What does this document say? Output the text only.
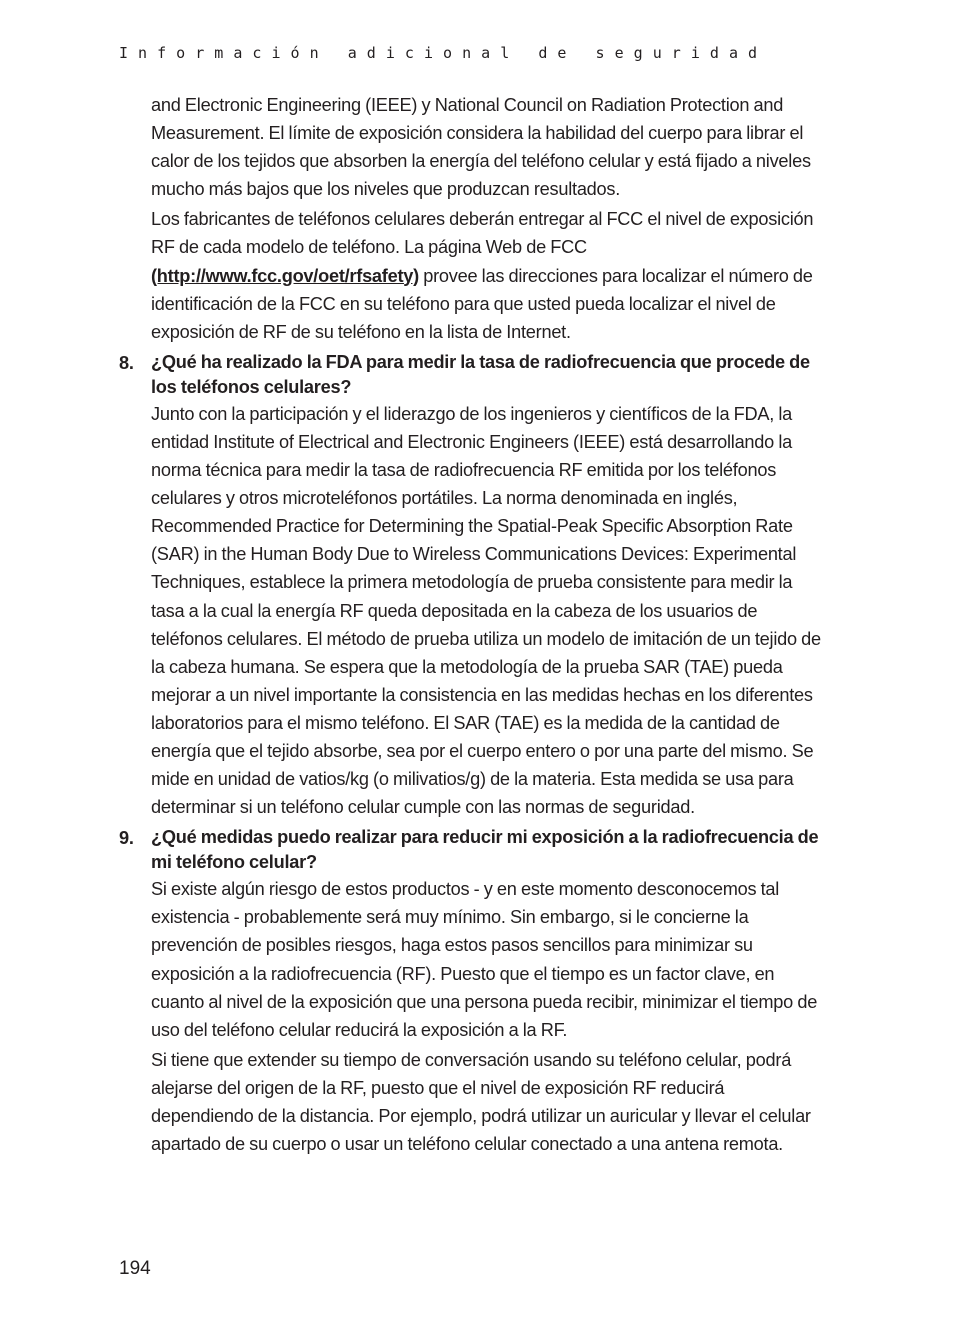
I n f o r m a c i ó n   a d i c i o n a l   d e   s e g u r i d a d

and Electronic Engineering (IEEE) y National Council on Radiation Protection and Measurement. El límite de exposición considera la habilidad del cuerpo para librar el calor de los tejidos que absorben la energía del teléfono celular y está fijado a niveles mucho más bajos que los niveles que produzcan resultados.

Los fabricantes de teléfonos celulares deberán entregar al FCC el nivel de exposición RF de cada modelo de teléfono. La página Web de FCC (http://www.fcc.gov/oet/rfsafety) provee las direcciones para localizar el número de identificación de la FCC en su teléfono para que usted pueda localizar el nivel de exposición de RF de su teléfono en la lista de Internet.

8. ¿Qué ha realizado la FDA para medir la tasa de radiofrecuencia que procede de los teléfonos celulares?

Junto con la participación y el liderazgo de los ingenieros y científicos de la FDA, la entidad Institute of Electrical and Electronic Engineers (IEEE) está desarrollando la norma técnica para medir la tasa de radiofrecuencia RF emitida por los teléfonos celulares y otros microteléfonos portátiles. La norma denominada en inglés, Recommended Practice for Determining the Spatial-Peak Specific Absorption Rate (SAR) in the Human Body Due to Wireless Communications Devices: Experimental Techniques, establece la primera metodología de prueba consistente para medir la tasa a la cual la energía RF queda depositada en la cabeza de los usuarios de teléfonos celulares. El método de prueba utiliza un modelo de imitación de un tejido de la cabeza humana. Se espera que la metodología de la prueba SAR (TAE) pueda mejorar a un nivel importante la consistencia en las medidas hechas en los diferentes laboratorios para el mismo teléfono. El SAR (TAE) es la medida de la cantidad de energía que el tejido absorbe, sea por el cuerpo entero o por una parte del mismo. Se mide en unidad de vatios/kg (o milivatios/g) de la materia. Esta medida se usa para determinar si un teléfono celular cumple con las normas de seguridad.

9. ¿Qué medidas puedo realizar para reducir mi exposición a la radiofrecuencia de mi teléfono celular?

Si existe algún riesgo de estos productos - y en este momento desconocemos tal existencia - probablemente será muy mínimo. Sin embargo, si le concierne la prevención de posibles riesgos, haga estos pasos sencillos para minimizar su exposición a la radiofrecuencia (RF). Puesto que el tiempo es un factor clave, en cuanto al nivel de la exposición que una persona pueda recibir, minimizar el tiempo de uso del teléfono celular reducirá la exposición a la RF.

Si tiene que extender su tiempo de conversación usando su teléfono celular, podrá alejarse del origen de la RF, puesto que el nivel de exposición RF reducirá dependiendo de la distancia. Por ejemplo, podrá utilizar un auricular y llevar el celular apartado de su cuerpo o usar un teléfono celular conectado a una antena remota.

194
